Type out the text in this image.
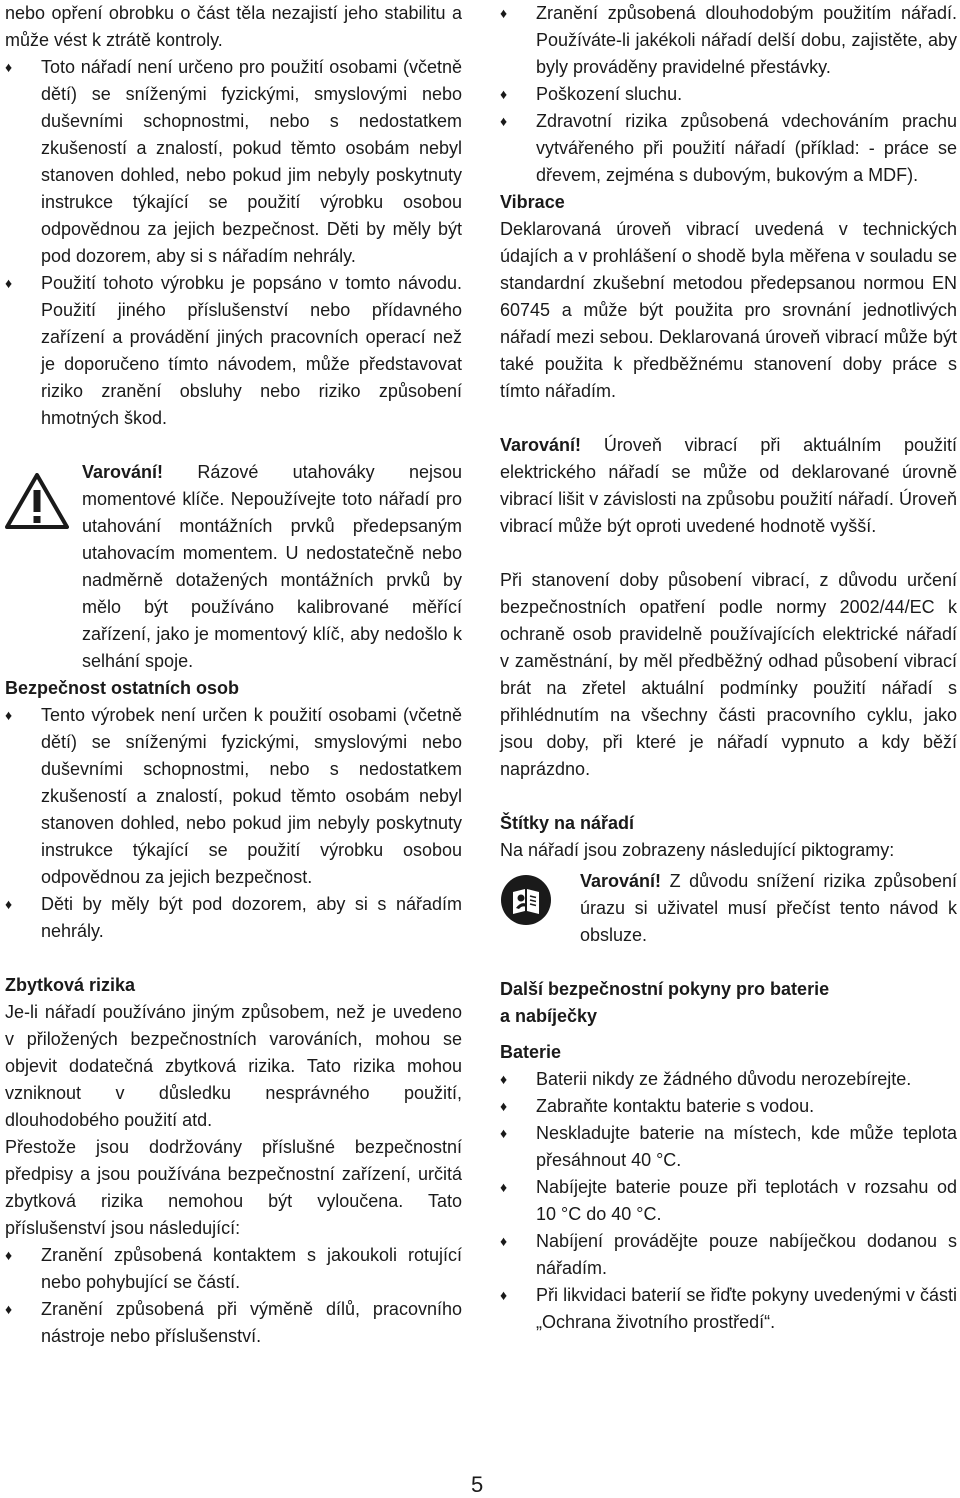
nebo opření obrobku o část těla nezajistí jeho stabilitu a může vést k ztrátě kontroly.

♦ Toto nářadí není určeno pro použití osobami (včetně dětí) se sníženými fyzickými, smyslovými nebo duševními schopnostmi, nebo s nedostatkem zkušeností a znalostí, pokud těmto osobám nebyl stanoven dohled, nebo pokud jim nebyly poskytnuty instrukce týkající se použití výrobku osobou odpovědnou za jejich bezpečnost. Děti by měly být pod dozorem, aby si s nářadím nehrály.
♦ Použití tohoto výrobku je popsáno v tomto návodu. Použití jiného příslušenství nebo přídavného zařízení a provádění jiných pracovních operací než je doporučeno tímto návodem, může představovat riziko zranění obsluhy nebo riziko způsobení hmotných škod.

Varování! Rázové utahováky nejsou momentové klíče. Nepoužívejte toto nářadí pro utahování montážních prvků předepsaným utahovacím momentem. U nedostatečně nebo nadměrně dotažených montážních prvků by mělo být používáno kalibrované měřící zařízení, jako je momentový klíč, aby nedošlo k selhání spoje.

Bezpečnost ostatních osob
♦ Tento výrobek není určen k použití osobami (včetně dětí) se sníženými fyzickými, smyslovými nebo duševními schopnostmi, nebo s nedostatkem zkušeností a znalostí, pokud těmto osobám nebyl stanoven dohled, nebo pokud jim nebyly poskytnuty instrukce týkající se použití výrobku osobou odpovědnou za jejich bezpečnost.
♦ Děti by měly být pod dozorem, aby si s nářadím nehrály.
Zbytková rizika

Je-li nářadí používáno jiným způsobem, než je uvedeno v přiložených bezpečnostních varováních, mohou se objevit dodatečná zbytková rizika. Tato rizika mohou vzniknout v důsledku nesprávného použití, dlouhodobého použití atd.

Přestože jsou dodržovány příslušné bezpečnostní předpisy a jsou používána bezpečnostní zařízení, určitá zbytková rizika nemohou být vyloučena. Tato příslušenství jsou následující:

♦ Zranění způsobená kontaktem s jakoukoli rotující nebo pohybující se částí.
♦ Zranění způsobená při výměně dílů, pracovního nástroje nebo příslušenství.
♦ Zranění způsobená dlouhodobým použitím nářadí. Používáte-li jakékoli nářadí delší dobu, zajistěte, aby byly prováděny pravidelné přestávky.
♦ Poškození sluchu.
♦ Zdravotní rizika způsobená vdechováním prachu vytvářeného při použití nářadí (příklad: - práce se dřevem, zejména s dubovým, bukovým a MDF).
Vibrace

Deklarovaná úroveň vibrací uvedená v technických údajích a v prohlášení o shodě byla měřena v souladu se standardní zkušební metodou předepsanou normou EN 60745 a může být použita pro srovnání jednotlivých nářadí mezi sebou. Deklarovaná úroveň vibrací může být také použita k předběžnému stanovení doby práce s tímto nářadím.

Varování! Úroveň vibrací při aktuálním použití elektrického nářadí se může od deklarované úrovně vibrací lišit v závislosti na způsobu použití nářadí. Úroveň vibrací může být oproti uvedené hodnotě vyšší.

Při stanovení doby působení vibrací, z důvodu určení bezpečnostních opatření podle normy 2002/44/EC k ochraně osob pravidelně používajících elektrické nářadí v zaměstnání, by měl předběžný odhad působení vibrací brát na zřetel aktuální podmínky použití nářadí s přihlédnutím na všechny části pracovního cyklu, jako jsou doby, při které je nářadí vypnuto a kdy běží naprázdno.

Štítky na nářadí

Na nářadí jsou zobrazeny následující piktogramy:

Varování! Z důvodu snížení rizika způsobení úrazu si uživatel musí přečíst tento návod k obsluze.

Další bezpečnostní pokyny pro baterie
a nabíječky
Baterie
♦ Baterii nikdy ze žádného důvodu nerozebírejte.
♦ Zabraňte kontaktu baterie s vodou.
♦ Neskladujte baterie na místech, kde může teplota přesáhnout 40 °C.
♦ Nabíjejte baterie pouze při teplotách v rozsahu od 10 °C do 40 °C.
♦ Nabíjení provádějte pouze nabíječkou dodanou s nářadím.
♦ Při likvidaci baterií se řiďte pokyny uvedenými v části „Ochrana životního prostředí“.
5
